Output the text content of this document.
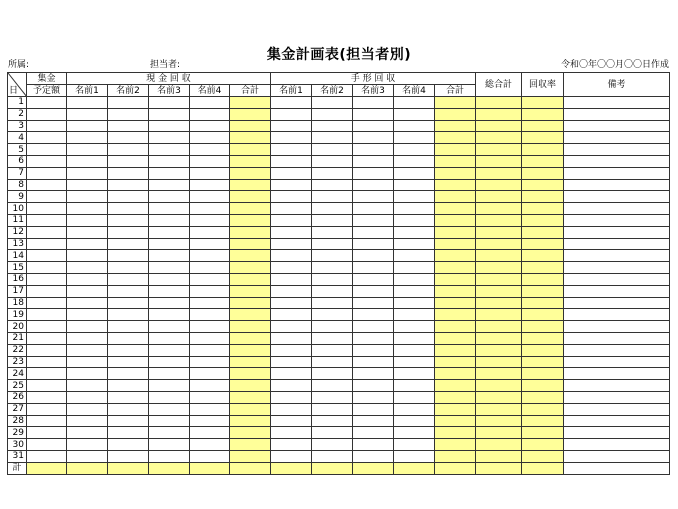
集金計画表(担当者別)
所属:	担当者:	令和〇年〇〇月〇〇日作成
日	集金	現 金 回 収					手 形 回 収					総合計	回収率	備考
	予定額	名前1	名前2	名前3	名前4	合計	名前1	名前2	名前3	名前4	合計			
1														
2														
3														
4														
5														
6														
7														
8														
9														
10														
11														
12														
13														
14														
15														
16														
17														
18														
19														
20														
21														
22														
23														
24														
25														
26														
27														
28														
29														
30														
31														
計														
